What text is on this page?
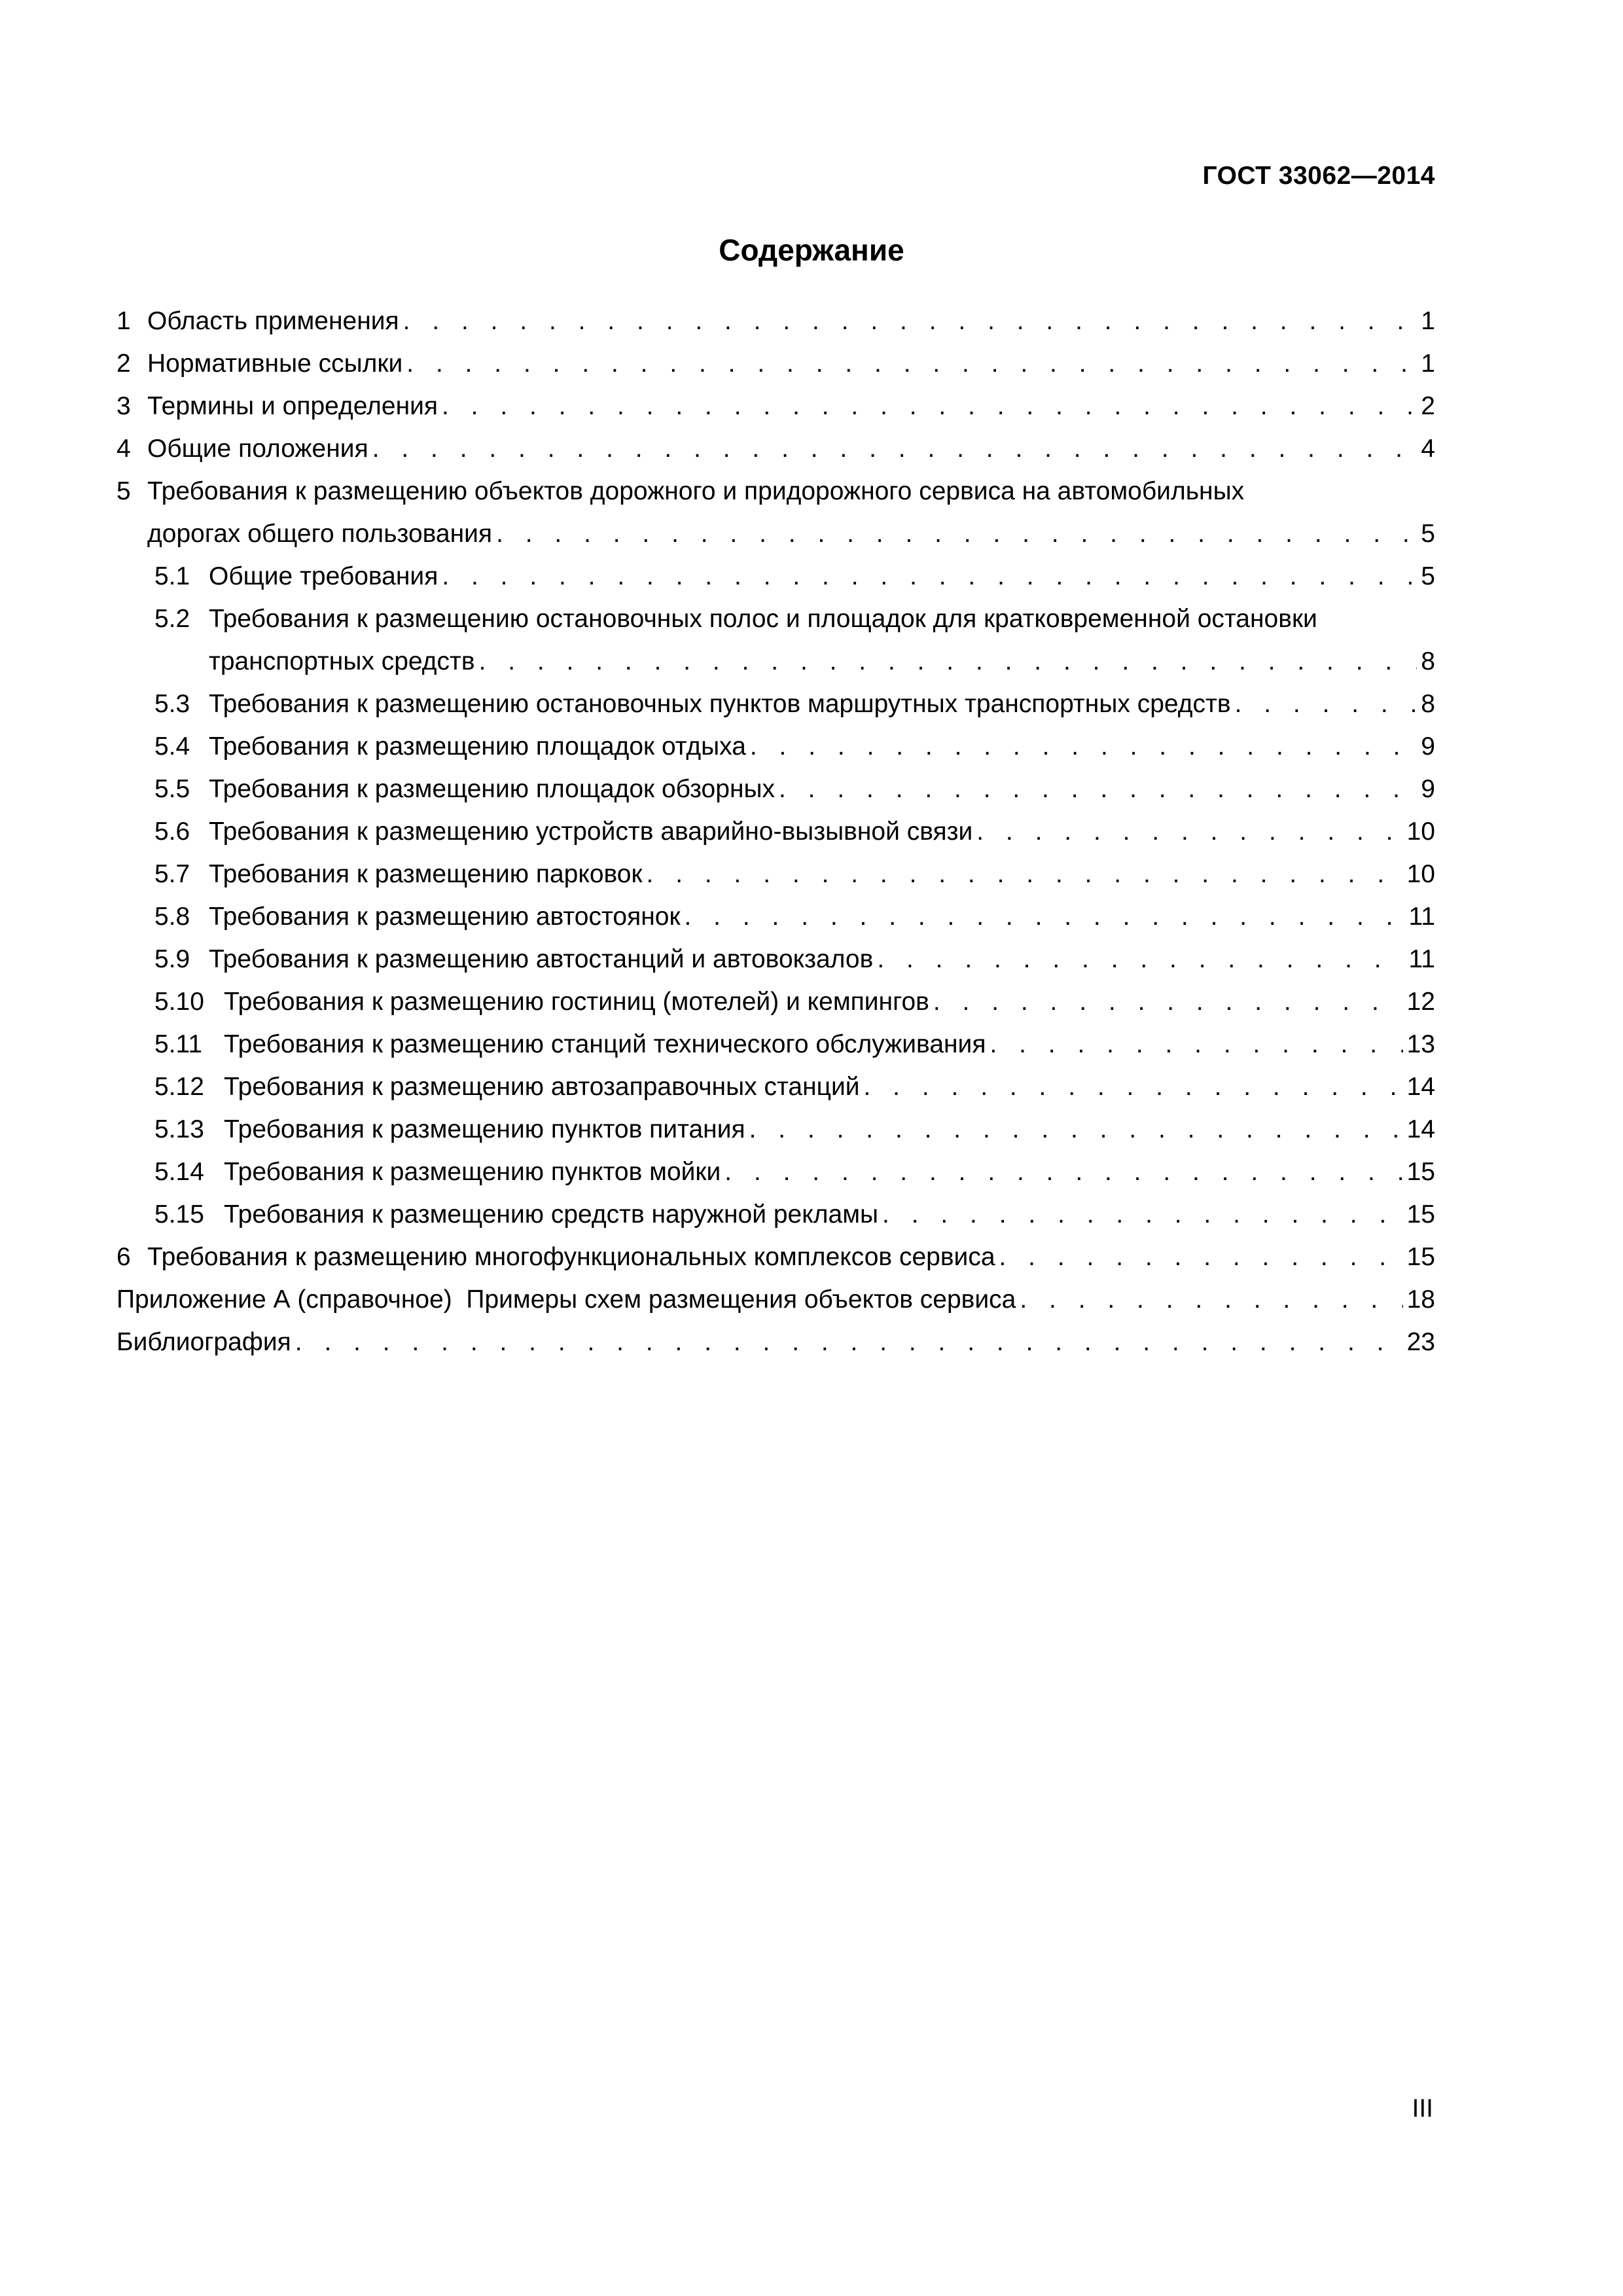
ГОСТ 33062—2014
Содержание
1 Область применения . . .	1
2 Нормативные ссылки . . .	1
3 Термины и определения . . .	2
4 Общие положения . . .	4
5 Требования к размещению объектов дорожного и придорожного сервиса на автомобильных
дорогах общего пользования . . .	5
5.1 Общие требования . . .	5
5.2 Требования к размещению остановочных полос и площадок для кратковременной остановки
транспортных средств . . .	8
5.3 Требования к размещению остановочных пунктов маршрутных транспортных средств . . .	8
5.4 Требования к размещению площадок отдыха . . .	9
5.5 Требования к размещению площадок обзорных . . .	9
5.6 Требования к размещению устройств аварийно-вызывной связи . . .	10
5.7 Требования к размещению парковок . . .	10
5.8 Требования к размещению автостоянок . . .	11
5.9 Требования к размещению автостанций и автовокзалов . . .	11
5.10 Требования к размещению гостиниц (мотелей) и кемпингов . . .	12
5.11 Требования к размещению станций технического обслуживания . . .	13
5.12 Требования к размещению автозаправочных станций . . .	14
5.13 Требования к размещению пунктов питания . . .	14
5.14 Требования к размещению пунктов мойки . . .	15
5.15 Требования к размещению средств наружной рекламы . . .	15
6 Требования к размещению многофункциональных комплексов сервиса . . .	15
Приложение А (справочное)  Примеры схем размещения объектов сервиса . . .	18
Библиография . . .	23
III
